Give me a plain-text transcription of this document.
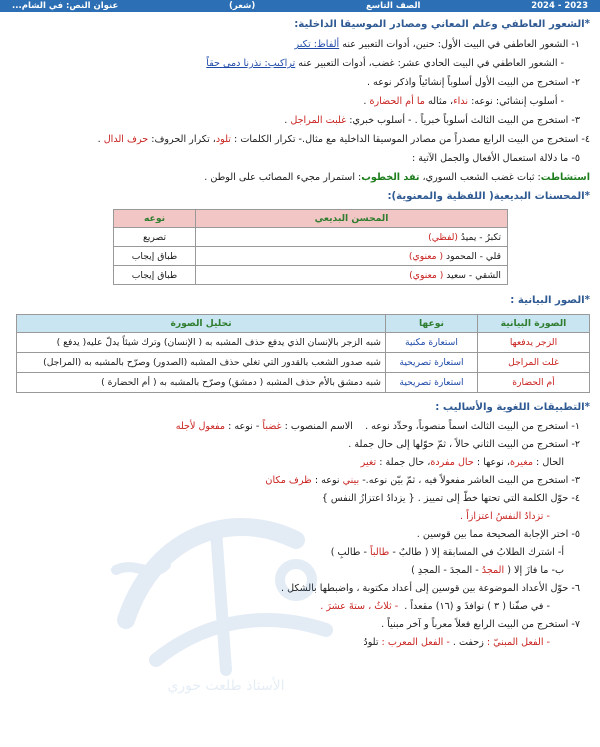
عنوان النص: في الشام...	(شعر)	الصف التاسع	2023 - 2024
*الشعور العاطفي وعلم المعاني ومصادر الموسيقا الداخلية:
١- الشعور العاطفي في البيت الأول: حنين، أدوات التعبير عنه ألفاظ: تكبر
- الشعور العاطفي في البيت الحادي عشر: غضب، أدوات التعبير عنه تراكيب: نذرنا دمي حقاً
٢- استخرج من البيت الأول أسلوباً إنشائياً واذكر نوعه .
- أسلوب إنشائي: نوعه: نداء، مثاله ما أم الحضارة .
٣- استخرج من البيت الثالث أسلوباً خبرياً . - أسلوب خبري: غلبت المراجل .
٤- استخرج من البيت الرابع مصدراً من مصادر الموسيقا الداخلية مع مثال.- تكرار الكلمات : تلود، تكرار الحروف: حرف الدال .
٥- ما دلالة استعمال الأفعال والجمل الآتية :
استشاطت: ثبات غضب الشعب السوري، تفد الخطوب: استمرار مجيء المصائب على الوطن .
*المحسنات البديعية( اللفظية والمعنوية):
المحسن البديعي	نوعه
تكبرُ - يميدُ (لفظي)	تصريع
قلي - المحمود ( معنوي)	طباق إيجاب
الشقي - سعيد ( معنوي)	طباق إيجاب
*الصور البيانية :
الصورة البيانية	نوعها	تحليل الصورة
الزجر يدفعها	استعارة مكنية	شبه الزجر بالإنسان الذي يدفع حذف المشبه به ( الإنسان) وترك شيئاً يدلّ عليه( يدفع )
غلت المراجل	استعارة تصريحية	شبه صدور الشعب بالقدور التي تغلي حذف المشبه (الصدور) وصرّح بالمشبه به (المراجل)
أم الحضارة	استعارة تصريحية	شبه دمشق بالأم حذف المشبه ( دمشق) وصرّح بالمشبه به ( أم الحضارة )
*التطبيقات اللغوية والأساليب :
١- استخرج من البيت الثالث اسماً منصوباً، وحدِّد نوعه .    الاسم المنصوب : غضباً - نوعه : مفعول لأجله
٢- استخرج من البيت الثاني حالاً ، ثمّ حوّلها إلى حال جملة .
الحال : مغيرة، نوعها : حال مفردة، حال جملة : تغير
٣- استخرج من البيت العاشر مفعولاً فيه ، ثمّ بيّن نوعه.- بيني نوعه : ظرف مكان
٤- حوّل الكلمة التي تحتها خطّ إلى تمييز . { يزدادُ اعتزازُ النفس }
- تزدادُ النفسُ اعتزازاً .
٥- اختر الإجابة الصحيحة مما بين قوسين .
أ- اشترك الطلابُ في المسابقة إلا ( طالبٌ - طالباً - طالبِ )
ب- ما فازَ إلا ( المجدُ - المجدَ - المجدِ )
٦- حوّل الأعداد الموضوعة بين قوسين إلى أعداد مكتوبة ، واضبطها بالشكل .
- في صفّنا ( ٣ ) نوافذَ و (١٦) مقعداً .  - ثلاثُ ، ستةَ عشرَ .
٧- استخرج من البيت الرابع فعلاً معرباً و آخر مبنياً .
- الفعل المبنيّ : زحفت . - الفعل المعرب : تلودُ
الأستاذ طلعت حوري
